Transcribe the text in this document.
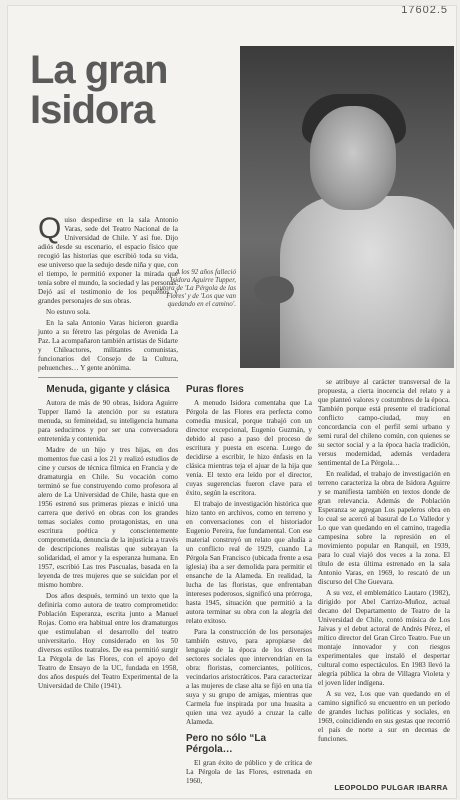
17602.5
La gran
Isidora
A los 92 años falleció Isidora Aguirre Tupper, autora de 'La Pérgola de las Flores' y de 'Los que van quedando en el camino'.

Quiso despedirse en la sala Antonio Varas, sede del Teatro Nacional de la Universidad de Chile. Y así fue. Dijo adiós desde su escenario, el espacio físico que recogió las historias que escribió toda su vida, ese universo que la sedujo desde niña y que, con el tiempo, le permitió exponer la mirada que tenía sobre el mundo, la sociedad y las personas. Dejó así el testimonio de los pequeños y grandes personajes de sus obras.

No estuvo sola.

En la sala Antonio Varas hicieron guardia junto a su féretro las pérgolas de Avenida La Paz. La acompañaron también artistas de Sidarte y Chileactores, militantes comunistas, funcionarios del Consejo de la Cultura, pehuenches… Y gente anónima.

Menuda, gigante y clásica

Autora de más de 90 obras, Isidora Aguirre Tupper llamó la atención por su estatura menuda, su femineidad, su inteligencia humana para seducirnos y por ser una conversadora entretenida y contenida.

Madre de un hijo y tres hijas, en dos momentos fue casi a los 21 y realizó estudios de cine y cursos de técnica fílmica en Francia y de dramaturgia en Chile. Su vocación como terminó se fue construyendo como profesora al alero de La Universidad de Chile, hasta que en 1956 estrenó sus primeras piezas e inició una carrera que derivó en obras con los grandes temas sociales como protagonistas, en una escritura poética y conscientemente comprometida, denuncia de la injusticia a través de descripciones realistas que subrayan la solidaridad, el amor y la esperanza humana. En 1957, escribió Las tres Pascualas, basada en la leyenda de tres mujeres que se suicidan por el mismo hombre.

Dos años después, terminó un texto que la definiría como autora de teatro comprometido: Población Esperanza, escrita junto a Manuel Rojas. Como era habitual entre los dramaturgos que estimulaban el desarrollo del teatro universitario. Hoy considerado en los 50 diversos estilos teatrales. De esa permitió surgir La Pérgola de las Flores, con el apoyo del Teatro de Ensayo de la UC, fundada en 1958, dos años después del Teatro Experimental de la Universidad de Chile (1941).

Puras flores

A menudo Isidora comentaba que La Pérgola de las Flores era perfecta como comedia musical, porque trabajó con un director excepcional, Eugenio Guzmán, y debido al paso a paso del proceso de escritura y puesta en escena. Luego de decidirse a escribir, le hizo énfasis en la clásica mientras teja el ajuar de la hija que venía. El texto era leído por el director, cuyas sugerencias fueron clave para el éxito, según la escritora.

El trabajo de investigación histórica que hizo tanto en archivos, como en terreno y en conversaciones con el historiador Eugenio Pereira, fue fundamental. Con ese material construyó un relato que aludía a un conflicto real de 1929, cuando La Pérgola San Francisco (ubicada frente a esa iglesia) iba a ser demolida para permitir el ensanche de la Alameda. En realidad, la lucha de las floristas, que enfrentaban intereses poderosos, significó una prórroga, hasta 1945, situación que permitió a la autora terminar su obra con la alegría del relato exitoso.

Para la construcción de los personajes también estuvo, para apropiarse del lenguaje de la época de los diversos sectores sociales que intervendrían en la obra: floristas, comerciantes, políticos, vecindarios aristocráticos. Para caracterizar a las mujeres de clase alta se fijó en una tía suya y su grupo de amigas, mientras que Carmela fue inspirada por una huasita a quien una vez ayudó a cruzar la calle Alameda.

Pero no sólo “La Pérgola…

El gran éxito de público y de crítica de La Pérgola de las Flores, estrenada en 1960,

se atribuye al carácter transversal de la propuesta, a cierta inocencia del relato y a que planteó valores y costumbres de la época. También porque está presente el tradicional conflicto campo-ciudad, muy en concordancia con el perfil semi urbano y semi rural del chileno común, con quienes se su sector social y a la época hacía tradición, versus modernidad, además verdadera sentimental de La Pérgola…

En realidad, el trabajo de investigación en terreno caracteriza la obra de Isidora Aguirre y se manifiesta también en textos donde de gran relevancia. Además de Población Esperanza se agregan Los papeleros obra en lo cual se acercó al basural de Lo Valledor y Lo que van quedando en el camino, tragedia campesina sobre la represión en el movimiento popular en Ranquil, en 1939, para lo cual viajó dos veces a la zona. El título de esta última estrenado en la sala Antonio Varas, en 1969, lo rescató de un discurso del Che Guevara.

A su vez, el emblemático Lautaro (1982), dirigido por Abel Carrizo-Muñoz, actual decano del Departamento de Teatro de la Universidad de Chile, contó música de Los Jaivas y el debut actoral de Andrés Pérez, el mítico director del Gran Circo Teatro. Fue un montaje innovador y con riesgos experimentales que instaló el despertar cultural como espectáculos. En 1983 llevó la alegría pública la obra de Villagra Violeta y el joven líder indígena.

A su vez, Los que van quedando en el camino significó su encuentro en un período de grandes luchas políticas y sociales, en 1969, coincidiendo en sus gestas que recorrió el país de norte a sur en decenas de funciones.

LEOPOLDO PULGAR IBARRA
